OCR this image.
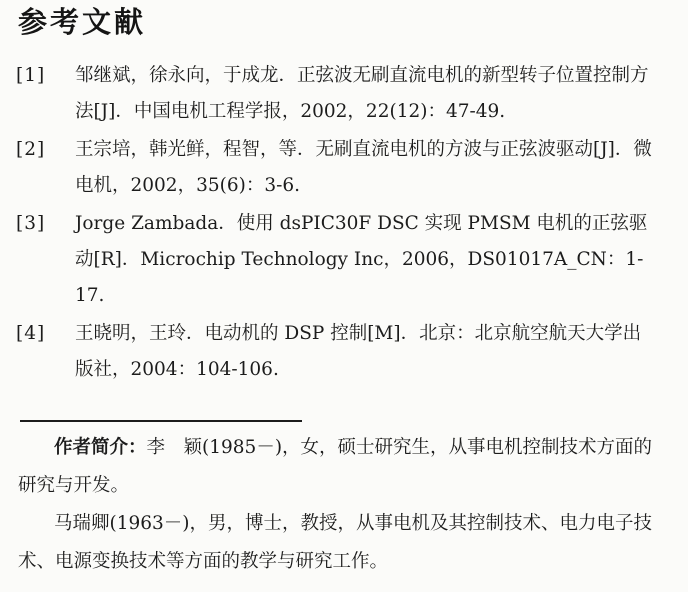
参考文献
[1] 邹继斌，徐永向，于成龙．正弦波无刷直流电机的新型转子位置控制方法[J]．中国电机工程学报，2002，22(12)：47-49.
[2] 王宗培，韩光鲜，程智，等．无刷直流电机的方波与正弦波驱动[J]．微电机，2002，35(6)：3-6.
[3] Jorge Zambada．使用 dsPIC30F DSC 实现 PMSM 电机的正弦驱动[R]．Microchip Technology Inc，2006，DS01017A_CN：1-17.
[4] 王晓明，王玲．电动机的 DSP 控制[M]．北京：北京航空航天大学出版社，2004：104-106.
作者简介：李　颖(1985－)，女，硕士研究生，从事电机控制技术方面的研究与开发。
马瑞卿(1963－)，男，博士，教授，从事电机及其控制技术、电力电子技术、电源变换技术等方面的教学与研究工作。
